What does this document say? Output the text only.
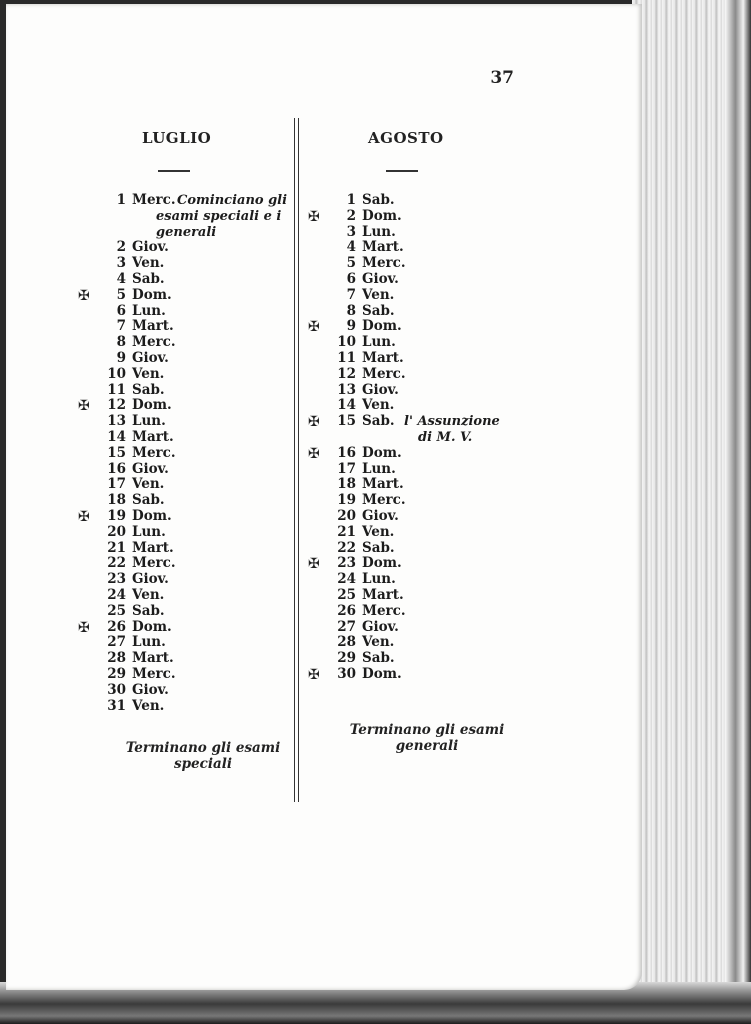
37
LUGLIO	AGOSTO
1 Merc. Cominciano gli
esami speciali e i
generali
2 Giov.
3 Ven.
4 Sab.
✠	5 Dom.
6 Lun.
7 Mart.
8 Merc.
9 Giov.
10 Ven.
11 Sab.
✠	12 Dom.
13 Lun.
14 Mart.
15 Merc.
16 Giov.
17 Ven.
18 Sab.
✠	19 Dom.
20 Lun.
21 Mart.
22 Merc.
23 Giov.
24 Ven.
25 Sab.
✠	26 Dom.
27 Lun.
28 Mart.
29 Merc.
30 Giov.
31 Ven.
1 Sab.
✠	2 Dom.
3 Lun.
4 Mart.
5 Merc.
6 Giov.
7 Ven.
8 Sab.
✠	9 Dom.
10 Lun.
11 Mart.
12 Merc.
13 Giov.
14 Ven.
✠	15 Sab. l' Assunzione
di M. V.
✠	16 Dom.
17 Lun.
18 Mart.
19 Merc.
20 Giov.
21 Ven.
22 Sab.
✠	23 Dom.
24 Lun.
25 Mart.
26 Merc.
27 Giov.
28 Ven.
29 Sab.
✠	30 Dom.
Terminano gli esami
speciali
Terminano gli esami
generali
